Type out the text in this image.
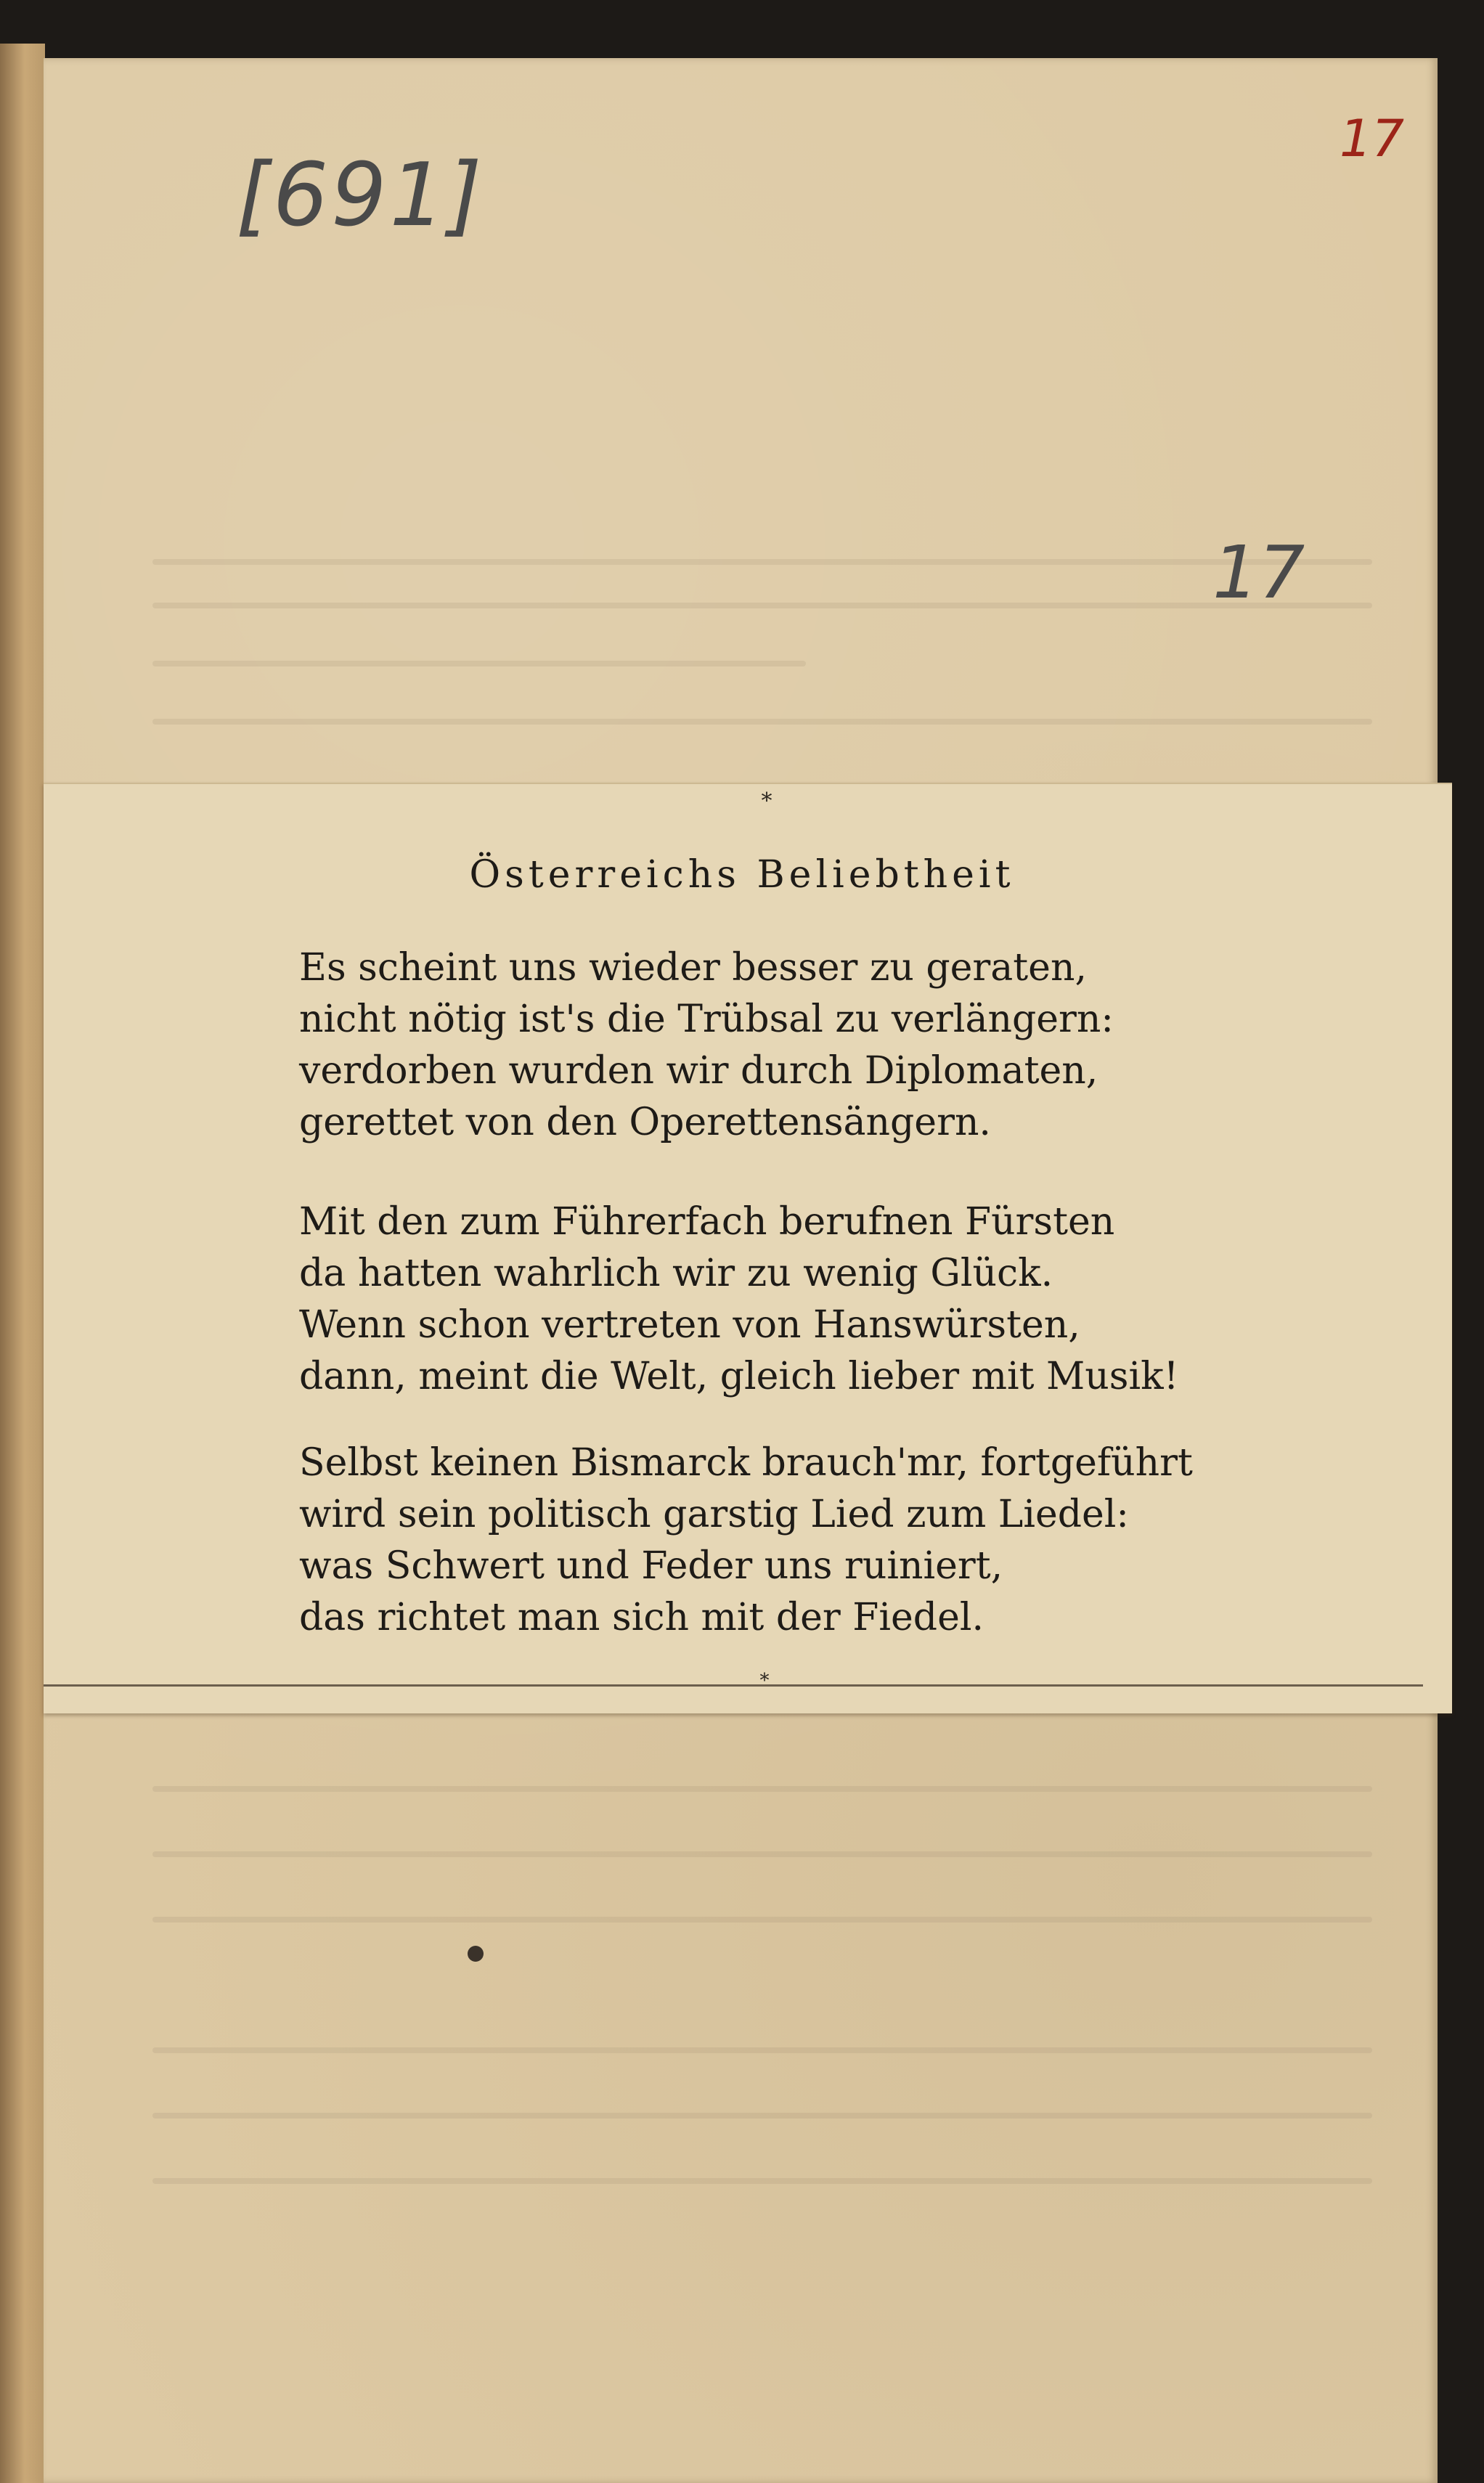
17
[691]
17
*
*
Österreichs Beliebtheit
Es scheint uns wieder besser zu geraten,
nicht nötig ist's die Trübsal zu verlängern:
verdorben wurden wir durch Diplomaten,
gerettet von den Operettensängern.
Mit den zum Führerfach berufnen Fürsten
da hatten wahrlich wir zu wenig Glück.
Wenn schon vertreten von Hanswürsten,
dann, meint die Welt, gleich lieber mit Musik!
Selbst keinen Bismarck brauch'mr, fortgeführt
wird sein politisch garstig Lied zum Liedel:
was Schwert und Feder uns ruiniert,
das richtet man sich mit der Fiedel.
